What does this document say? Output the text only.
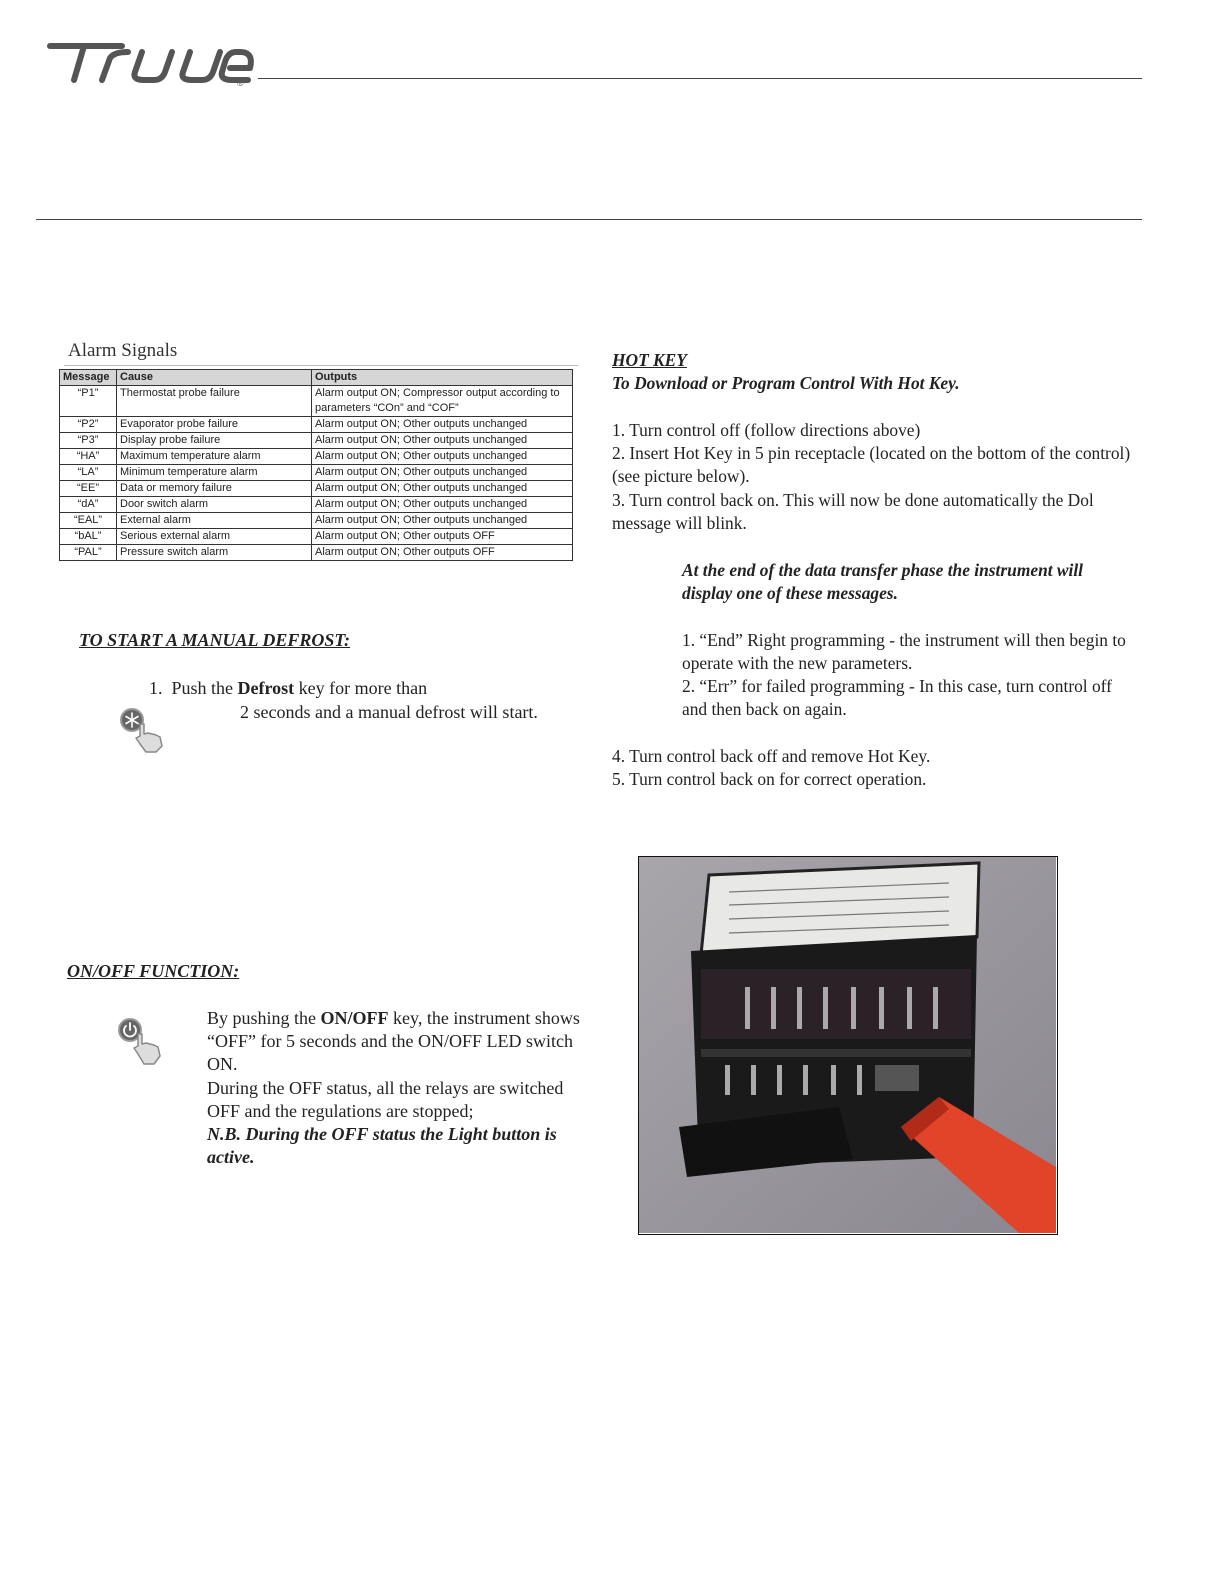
®
Alarm Signals
Message	Cause	Outputs
“P1”	Thermostat probe failure	Alarm output ON; Compressor output according to parameters “COn” and “COF”
“P2”	Evaporator probe failure	Alarm output ON; Other outputs unchanged
“P3”	Display probe failure	Alarm output ON; Other outputs unchanged
“HA”	Maximum temperature alarm	Alarm output ON; Other outputs unchanged
“LA”	Minimum temperature alarm	Alarm output ON; Other outputs unchanged
“EE”	Data or memory failure	Alarm output ON; Other outputs unchanged
“dA”	Door switch alarm	Alarm output ON; Other outputs unchanged
“EAL”	External alarm	Alarm output ON; Other outputs unchanged
“bAL”	Serious external alarm	Alarm output ON; Other outputs OFF
“PAL”	Pressure switch alarm	Alarm output ON; Other outputs OFF
TO START A MANUAL DEFROST:
1.  Push the Defrost key for more than
2 seconds and a manual defrost will start.
ON/OFF FUNCTION:
By pushing the ON/OFF key, the instrument shows “OFF” for 5 seconds and the ON/OFF LED switch ON.
During the OFF status, all the relays are switched OFF and the regulations are stopped;
N.B. During the OFF status the Light button is active.

HOT KEY

To Download or Program Control With Hot Key.

1. Turn control off (follow directions above)

2. Insert Hot Key in 5 pin receptacle (located on the bottom of the control) (see picture below).

3. Turn control back on. This will now be done automatically the Dol message will blink.

At the end of the data transfer phase the instrument will display one of these messages.

1. “End” Right programming - the instrument will then begin to operate with the new parameters.

2. “Err” for failed programming - In this case, turn control off and then back on again.

4. Turn control back off and remove Hot Key.

5. Turn control back on for correct operation.
